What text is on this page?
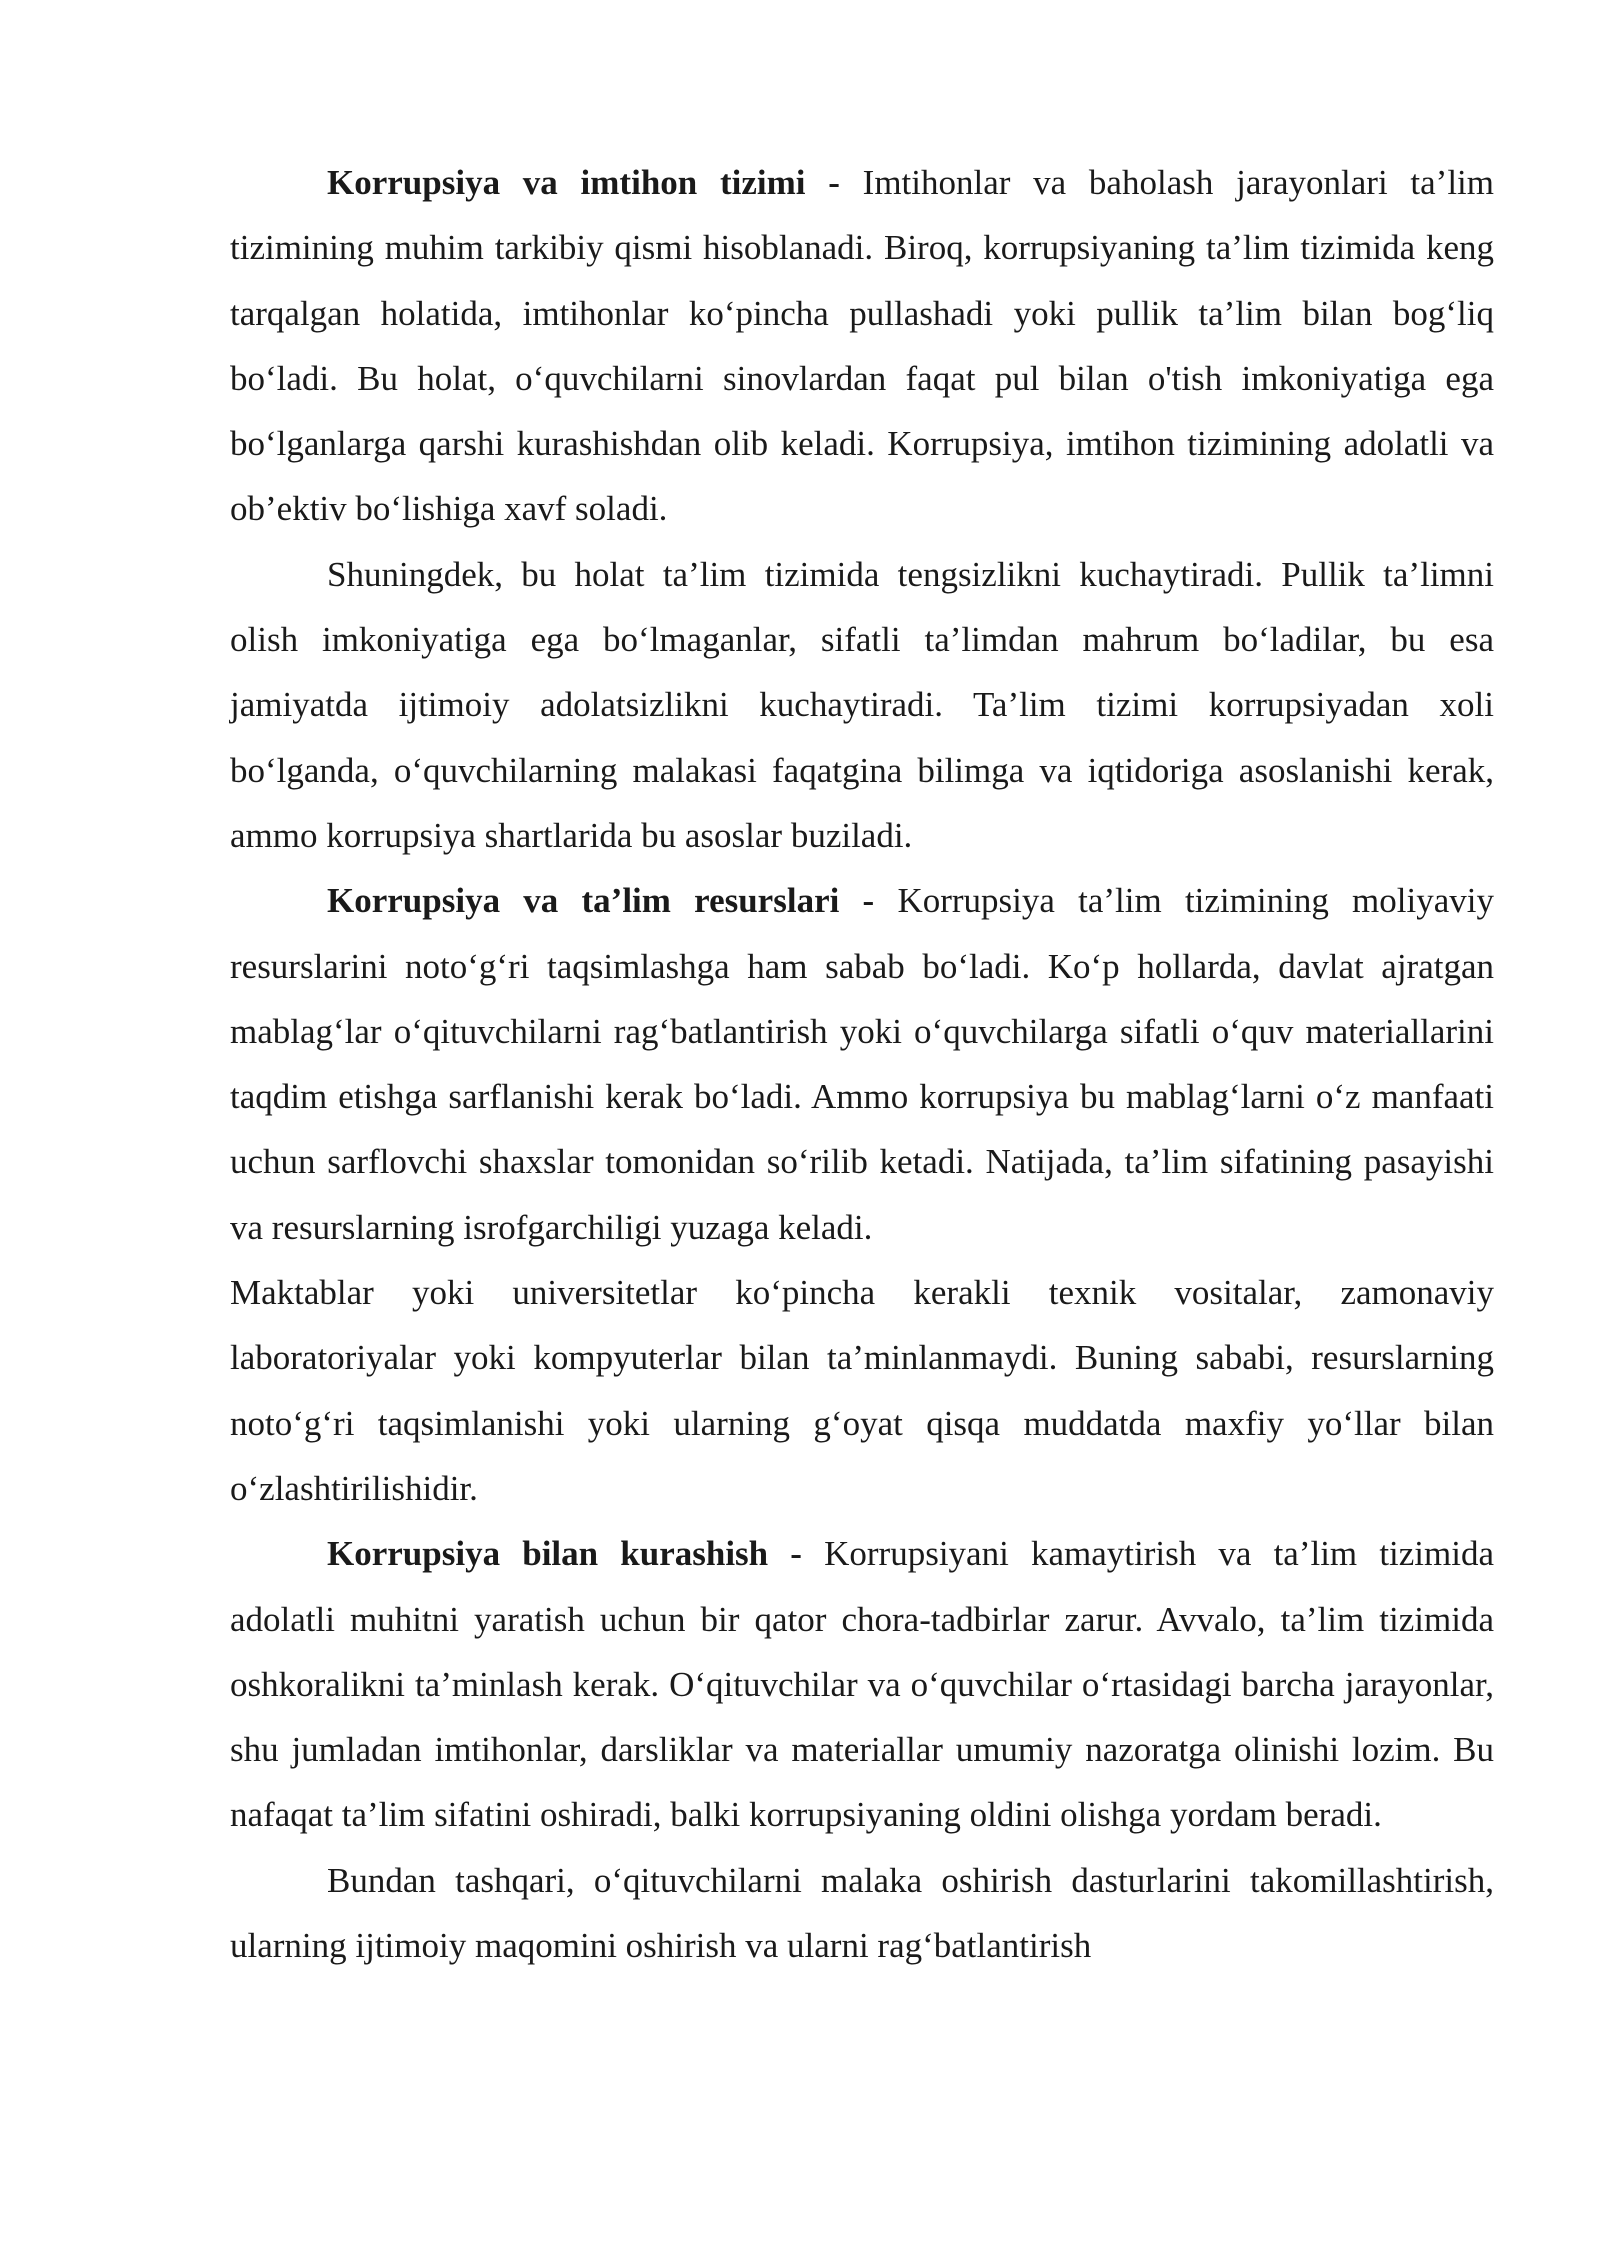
Korrupsiya va imtihon tizimi - Imtihonlar va baholash jarayonlari ta’lim tizimining muhim tarkibiy qismi hisoblanadi. Biroq, korrupsiyaning ta’lim tizimida keng tarqalgan holatida, imtihonlar ko‘pincha pullashadi yoki pullik ta’lim bilan bog‘liq bo‘ladi. Bu holat, o‘quvchilarni sinovlardan faqat pul bilan o'tish imkoniyatiga ega bo‘lganlarga qarshi kurashishdan olib keladi. Korrupsiya, imtihon tizimining adolatli va ob’ektiv bo‘lishiga xavf soladi.

Shuningdek, bu holat ta’lim tizimida tengsizlikni kuchaytiradi. Pullik ta’limni olish imkoniyatiga ega bo‘lmaganlar, sifatli ta’limdan mahrum bo‘ladilar, bu esa jamiyatda ijtimoiy adolatsizlikni kuchaytiradi. Ta’lim tizimi korrupsiyadan xoli bo‘lganda, o‘quvchilarning malakasi faqatgina bilimga va iqtidoriga asoslanishi kerak, ammo korrupsiya shartlarida bu asoslar buziladi.

Korrupsiya va ta’lim resurslari - Korrupsiya ta’lim tizimining moliyaviy resurslarini noto‘g‘ri taqsimlashga ham sabab bo‘ladi. Ko‘p hollarda, davlat ajratgan mablag‘lar o‘qituvchilarni rag‘batlantirish yoki o‘quvchilarga sifatli o‘quv materiallarini taqdim etishga sarflanishi kerak bo‘ladi. Ammo korrupsiya bu mablag‘larni o‘z manfaati uchun sarflovchi shaxslar tomonidan so‘rilib ketadi. Natijada, ta’lim sifatining pasayishi va resurslarning isrofgarchiligi yuzaga keladi.

Maktablar yoki universitetlar ko‘pincha kerakli texnik vositalar, zamonaviy laboratoriyalar yoki kompyuterlar bilan ta’minlanmaydi. Buning sababi, resurslarning noto‘g‘ri taqsimlanishi yoki ularning g‘oyat qisqa muddatda maxfiy yo‘llar bilan o‘zlashtirilishidir.

Korrupsiya bilan kurashish - Korrupsiyani kamaytirish va ta’lim tizimida adolatli muhitni yaratish uchun bir qator chora-tadbirlar zarur. Avvalo, ta’lim tizimida oshkoralikni ta’minlash kerak. O‘qituvchilar va o‘quvchilar o‘rtasidagi barcha jarayonlar, shu jumladan imtihonlar, darsliklar va materiallar umumiy nazoratga olinishi lozim. Bu nafaqat ta’lim sifatini oshiradi, balki korrupsiyaning oldini olishga yordam beradi.

Bundan tashqari, o‘qituvchilarni malaka oshirish dasturlarini takomillashtirish, ularning ijtimoiy maqomini oshirish va ularni rag‘batlantirish
